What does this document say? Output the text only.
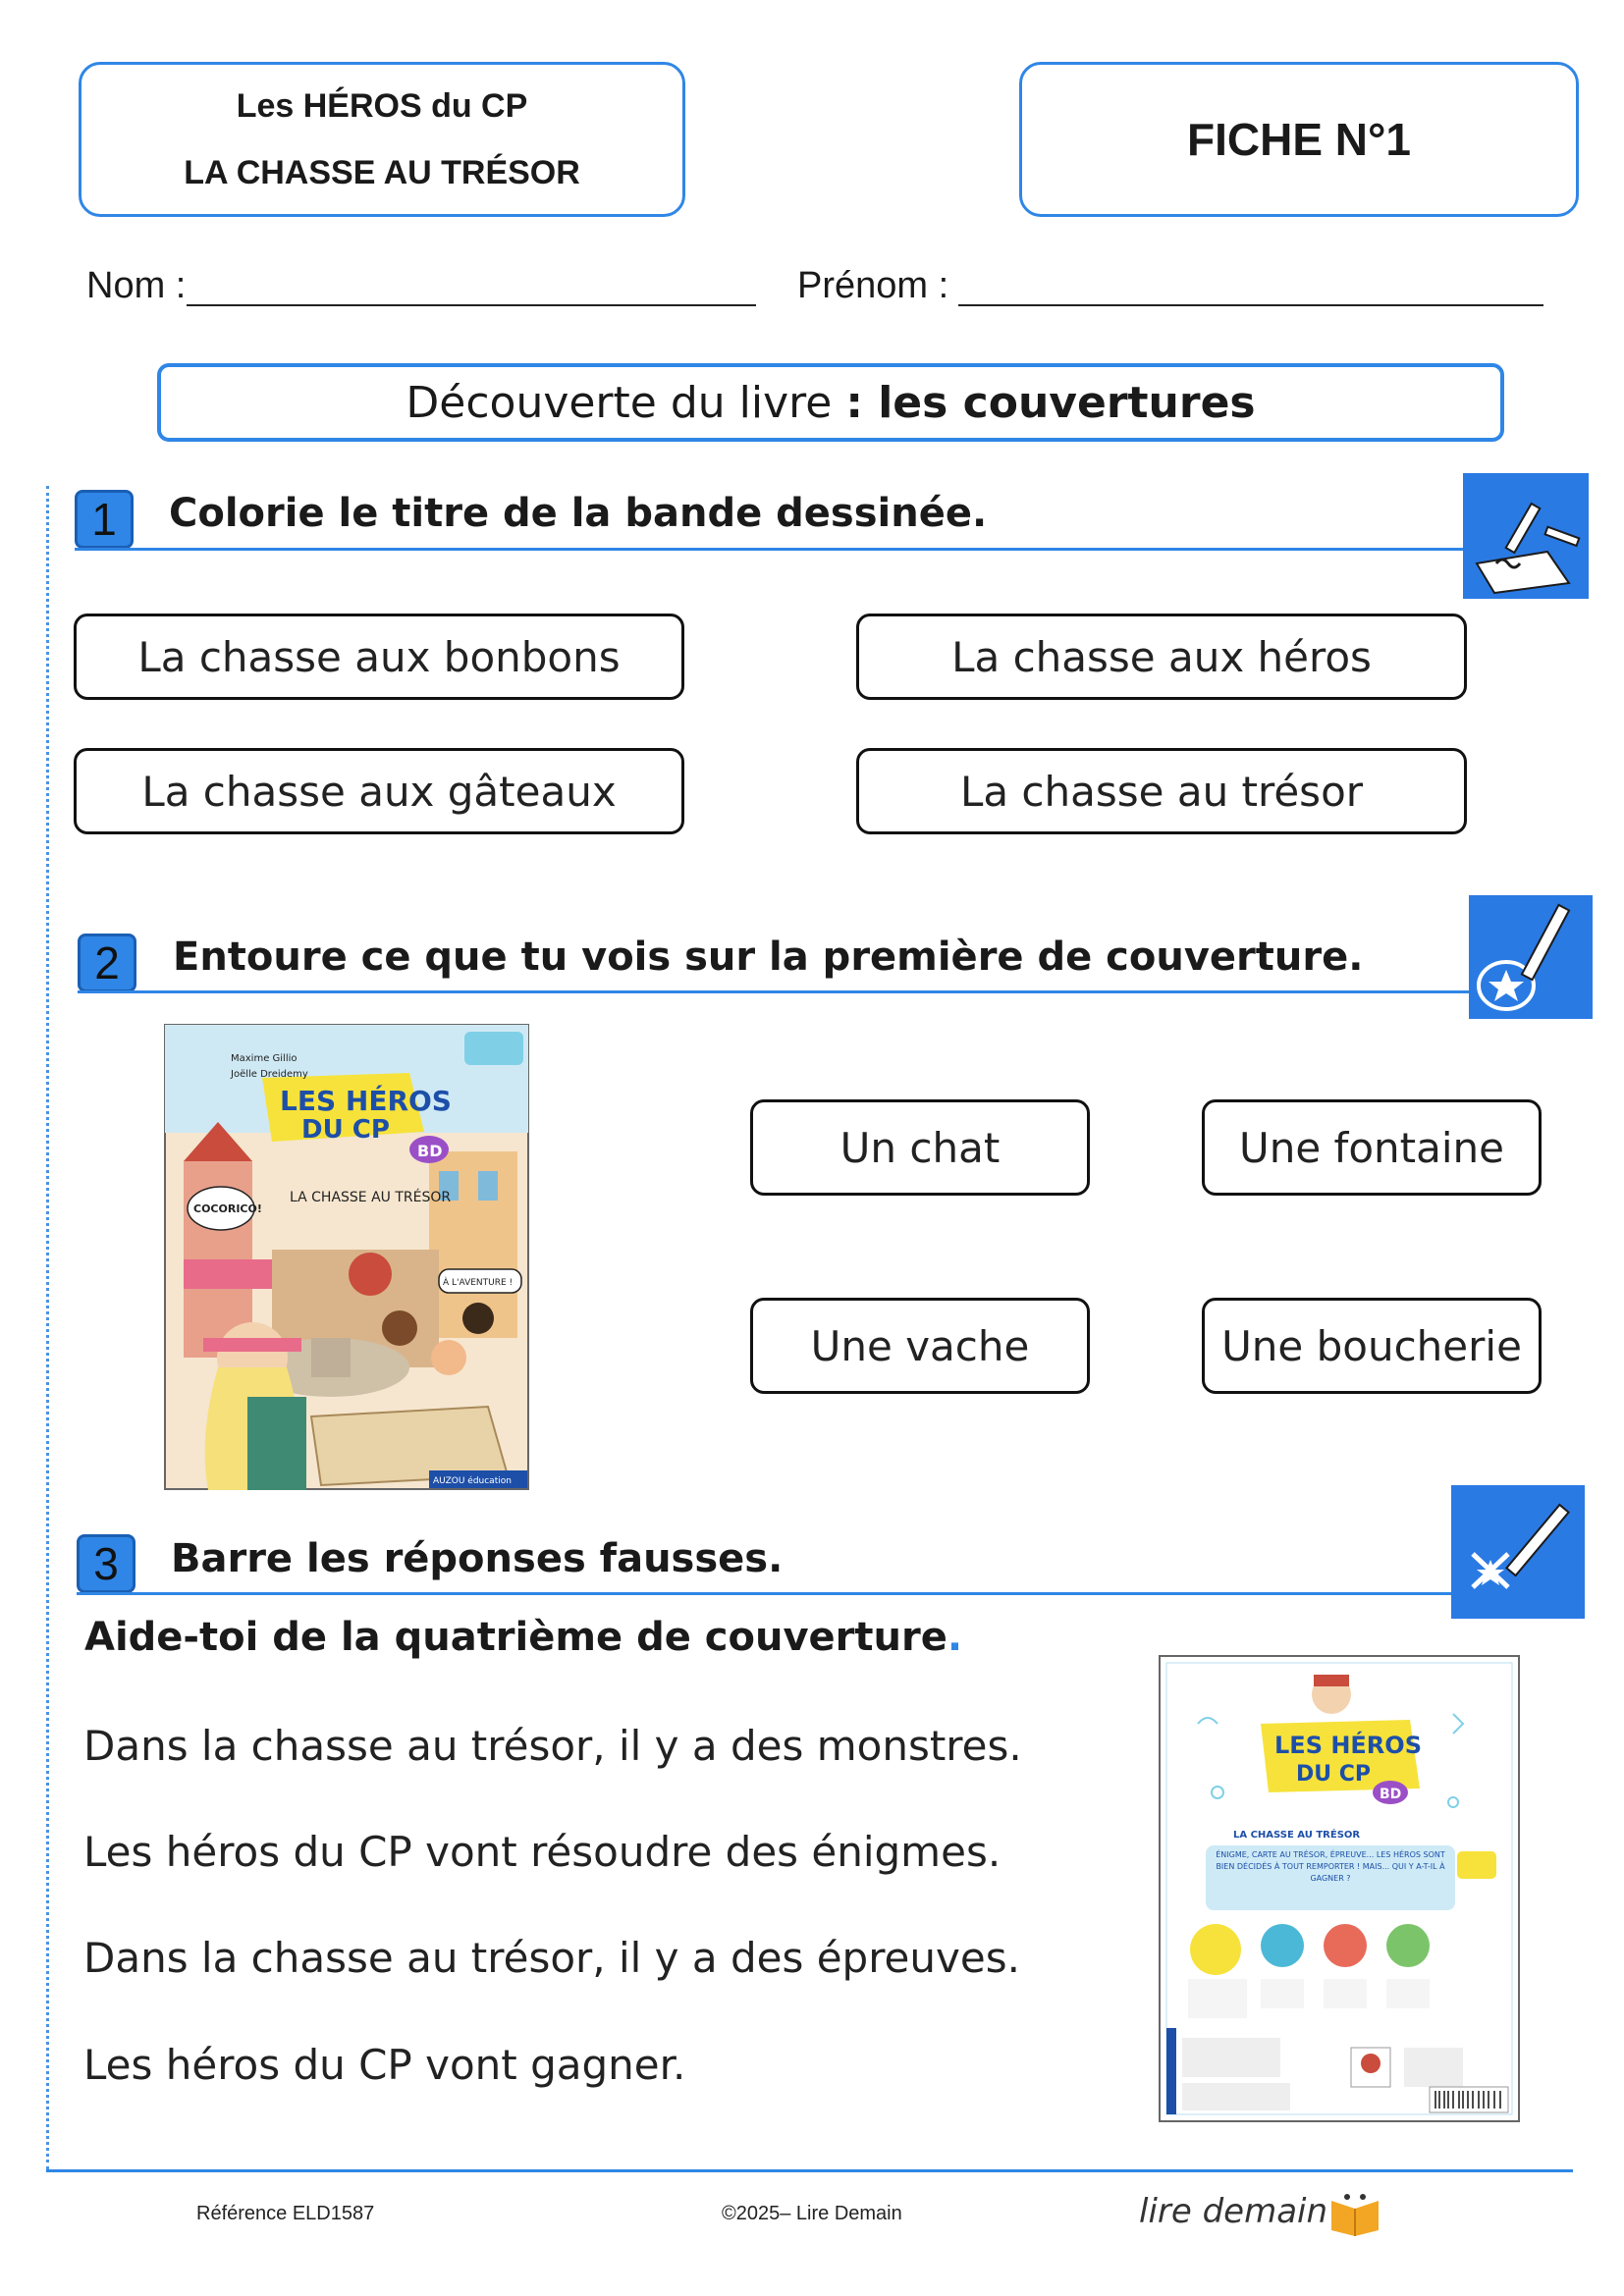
Les HÉROS du CP
LA CHASSE AU TRÉSOR
FICHE N°1
Nom :	Prénom :
Découverte du livre : les couvertures
1	Colorie le titre de la bande dessinée.
La chasse aux bonbons	La chasse aux héros
La chasse aux gâteaux	La chasse au trésor
2	Entoure ce que tu vois sur la première de couverture.
LES HÉROS
DU CP
BD
LA CHASSE AU TRÉSOR
Maxime Gillio
Joëlle Dreidemy
COCORICO!
À L'AVENTURE !
AUZOU éducation
Un chat	Une fontaine
Une vache	Une boucherie
3	Barre les réponses fausses.
Aide-toi de la quatrième de couverture.
Dans la chasse au trésor, il y a des monstres.
Les héros du CP vont résoudre des énigmes.
Dans la chasse au trésor, il y a des épreuves.
Les héros du CP vont gagner.
LES HÉROS
DU CP
BD
LA CHASSE AU TRÉSOR
ÉNIGME, CARTE AU TRÉSOR, ÉPREUVE... LES HÉROS SONT BIEN DÉCIDÉS À TOUT REMPORTER ! MAIS... QUI Y A-T-IL À GAGNER ?
Référence ELD1587	©2025– Lire Demain	lire demain
